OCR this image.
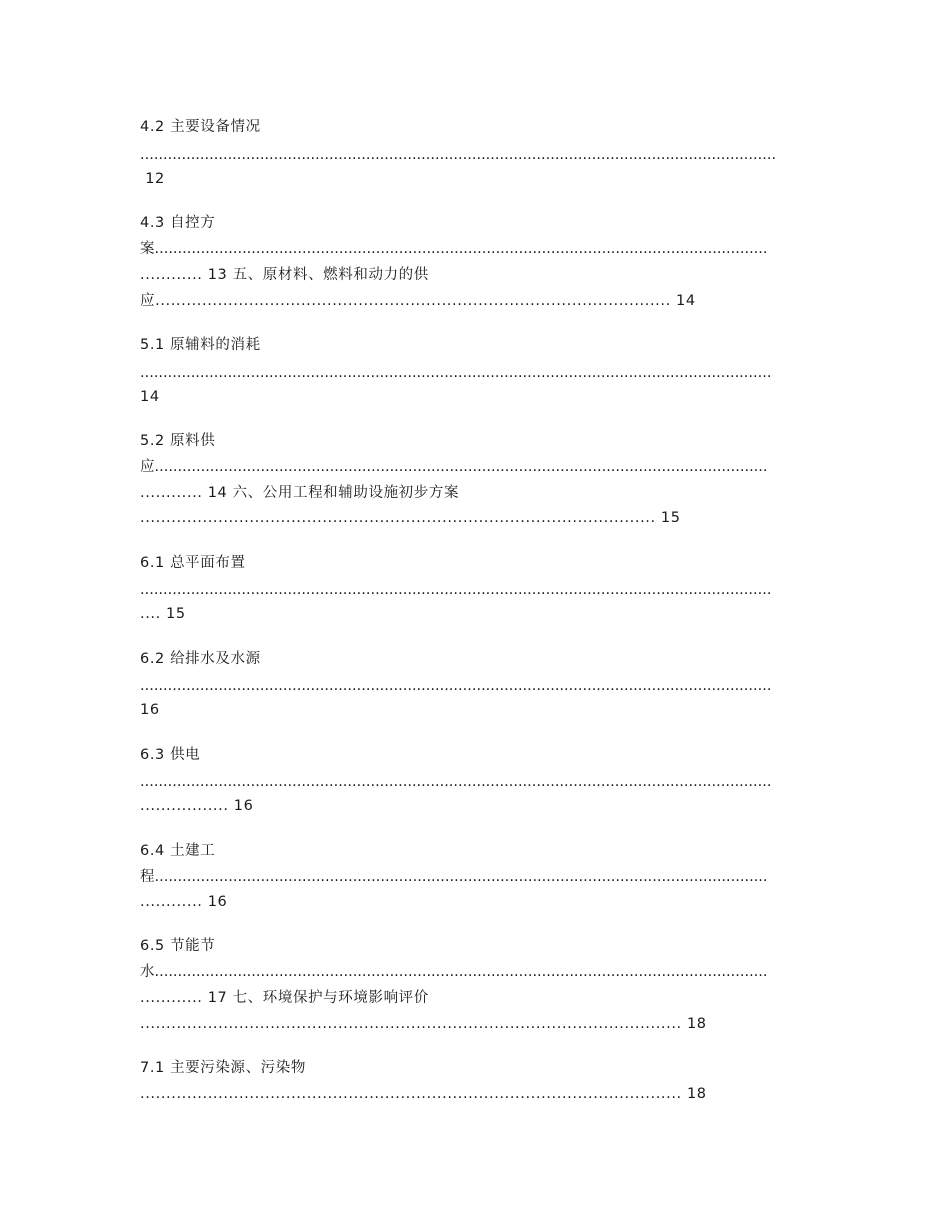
4.2 主要设备情况
..........................................................................................................................................
12
4.3 自控方
案.....................................................................................................................................
............ 13 五、原材料、燃料和动力的供
应................................................................................................... 14
5.1 原辅料的消耗
.........................................................................................................................................
14
5.2 原料供
应.....................................................................................................................................
............ 14 六、公用工程和辅助设施初步方案
................................................................................................... 15
6.1 总平面布置
.........................................................................................................................................
.... 15
6.2 给排水及水源
.........................................................................................................................................
16
6.3 供电
.........................................................................................................................................
................. 16
6.4 土建工
程.....................................................................................................................................
............ 16
6.5 节能节
水.....................................................................................................................................
............ 17 七、环境保护与环境影响评价
........................................................................................................ 18
7.1 主要污染源、污染物
........................................................................................................ 18
